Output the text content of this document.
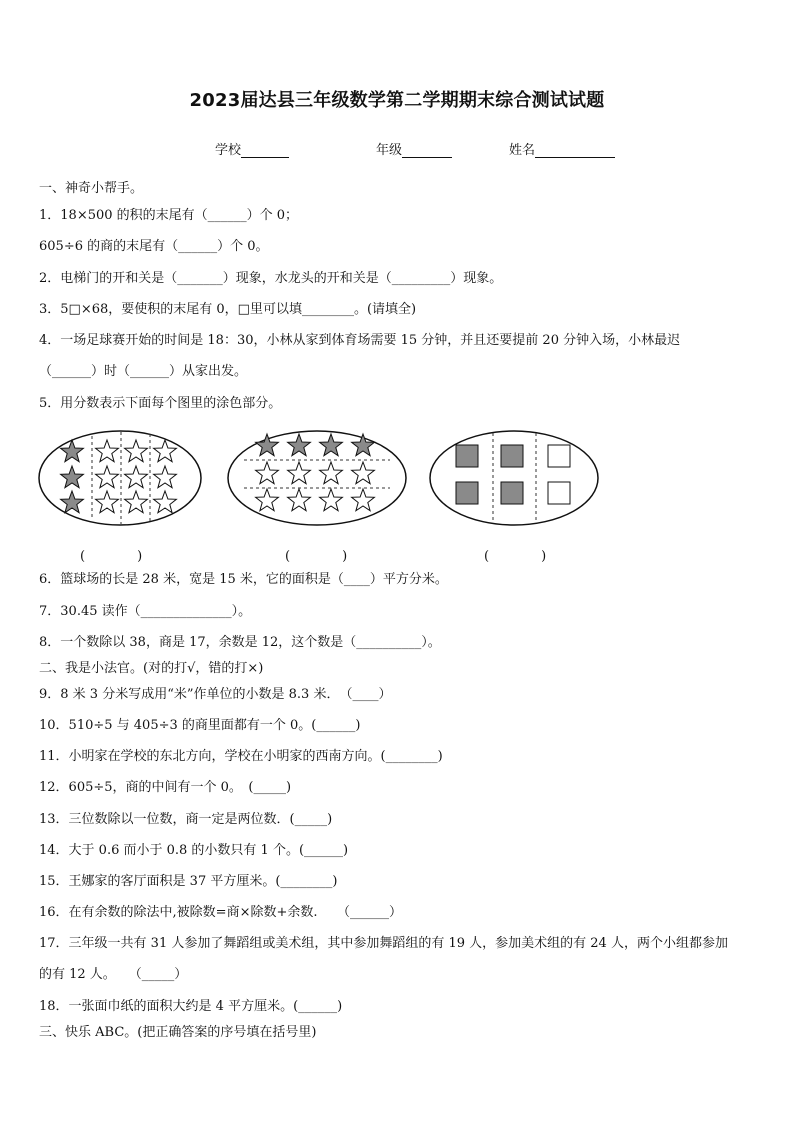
2023届达县三年级数学第二学期期末综合测试试题
学校	年级	姓名
一、神奇小帮手。
1．18×500 的积的末尾有（______）个 0；
605÷6 的商的末尾有（______）个 0。
2．电梯门的开和关是（_______）现象，水龙头的开和关是（_________）现象。
3．5□×68，要使积的末尾有 0，□里可以填________。(请填全)
4．一场足球赛开始的时间是 18：30，小林从家到体育场需要 15 分钟，并且还要提前 20 分钟入场，小林最迟
（______）时（______）从家出发。
5．用分数表示下面每个图里的涂色部分。
(　　　　)	(　　　　)	(　　　　)
6．篮球场的长是 28 米，宽是 15 米，它的面积是（____）平方分米。
7．30.45 读作（______________）。
8．一个数除以 38，商是 17，余数是 12，这个数是（__________）。
二、我是小法官。(对的打√，错的打×)
9．8 米 3 分米写成用“米”作单位的小数是 8.3 米．　（____）
10．510÷5 与 405÷3 的商里面都有一个 0。(______)
11．小明家在学校的东北方向，学校在小明家的西南方向。(________)
12．605÷5，商的中间有一个 0。　(_____)
13．三位数除以一位数，商一定是两位数．(_____)
14．大于 0.6 而小于 0.8 的小数只有 1 个。(______)
15．王娜家的客厅面积是 37 平方厘米。(________)
16．在有余数的除法中,被除数=商×除数+余数.　　（______）
17．三年级一共有 31 人参加了舞蹈组或美术组，其中参加舞蹈组的有 19 人，参加美术组的有 24 人，两个小组都参加
的有 12 人。　　（_____）
18．一张面巾纸的面积大约是 4 平方厘米。(______)
三、快乐 ABC。(把正确答案的序号填在括号里)
